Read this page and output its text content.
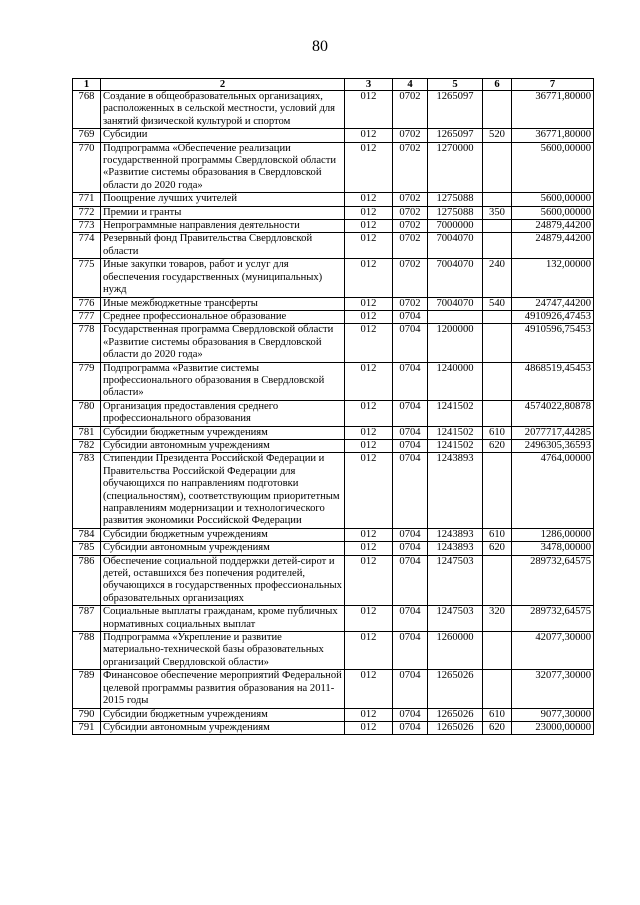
80
1	2	3	4	5	6	7
768	Создание в общеобразовательных организациях, расположенных в сельской местности, условий для занятий физической культурой и спортом	012	0702	1265097		36771,80000
769	Субсидии	012	0702	1265097	520	36771,80000
770	Подпрограмма «Обеспечение реализации государственной программы Свердловской области «Развитие системы образования в Свердловской области до 2020 года»	012	0702	1270000		5600,00000
771	Поощрение лучших учителей	012	0702	1275088		5600,00000
772	Премии и гранты	012	0702	1275088	350	5600,00000
773	Непрограммные направления деятельности	012	0702	7000000		24879,44200
774	Резервный фонд Правительства Свердловской области	012	0702	7004070		24879,44200
775	Иные закупки товаров, работ и услуг для обеспечения государственных (муниципальных) нужд	012	0702	7004070	240	132,00000
776	Иные межбюджетные трансферты	012	0702	7004070	540	24747,44200
777	Среднее профессиональное образование	012	0704			4910926,47453
778	Государственная программа Свердловской области «Развитие системы образования в Свердловской области до 2020 года»	012	0704	1200000		4910596,75453
779	Подпрограмма «Развитие системы профессионального образования в Свердловской области»	012	0704	1240000		4868519,45453
780	Организация предоставления среднего профессионального образования	012	0704	1241502		4574022,80878
781	Субсидии бюджетным учреждениям	012	0704	1241502	610	2077717,44285
782	Субсидии автономным учреждениям	012	0704	1241502	620	2496305,36593
783	Стипендии Президента Российской Федерации и Правительства Российской Федерации для обучающихся по направлениям подготовки (специальностям), соответствующим приоритетным направлениям модернизации и технологического развития экономики Российской Федерации	012	0704	1243893		4764,00000
784	Субсидии бюджетным учреждениям	012	0704	1243893	610	1286,00000
785	Субсидии автономным учреждениям	012	0704	1243893	620	3478,00000
786	Обеспечение социальной поддержки детей-сирот и детей, оставшихся без попечения родителей, обучающихся в государственных профессиональных образовательных организациях	012	0704	1247503		289732,64575
787	Социальные выплаты гражданам, кроме публичных нормативных социальных выплат	012	0704	1247503	320	289732,64575
788	Подпрограмма «Укрепление и развитие материально-технической базы образовательных организаций Свердловской области»	012	0704	1260000		42077,30000
789	Финансовое обеспечение мероприятий Федеральной целевой программы развития образования на 2011-2015 годы	012	0704	1265026		32077,30000
790	Субсидии бюджетным учреждениям	012	0704	1265026	610	9077,30000
791	Субсидии автономным учреждениям	012	0704	1265026	620	23000,00000
